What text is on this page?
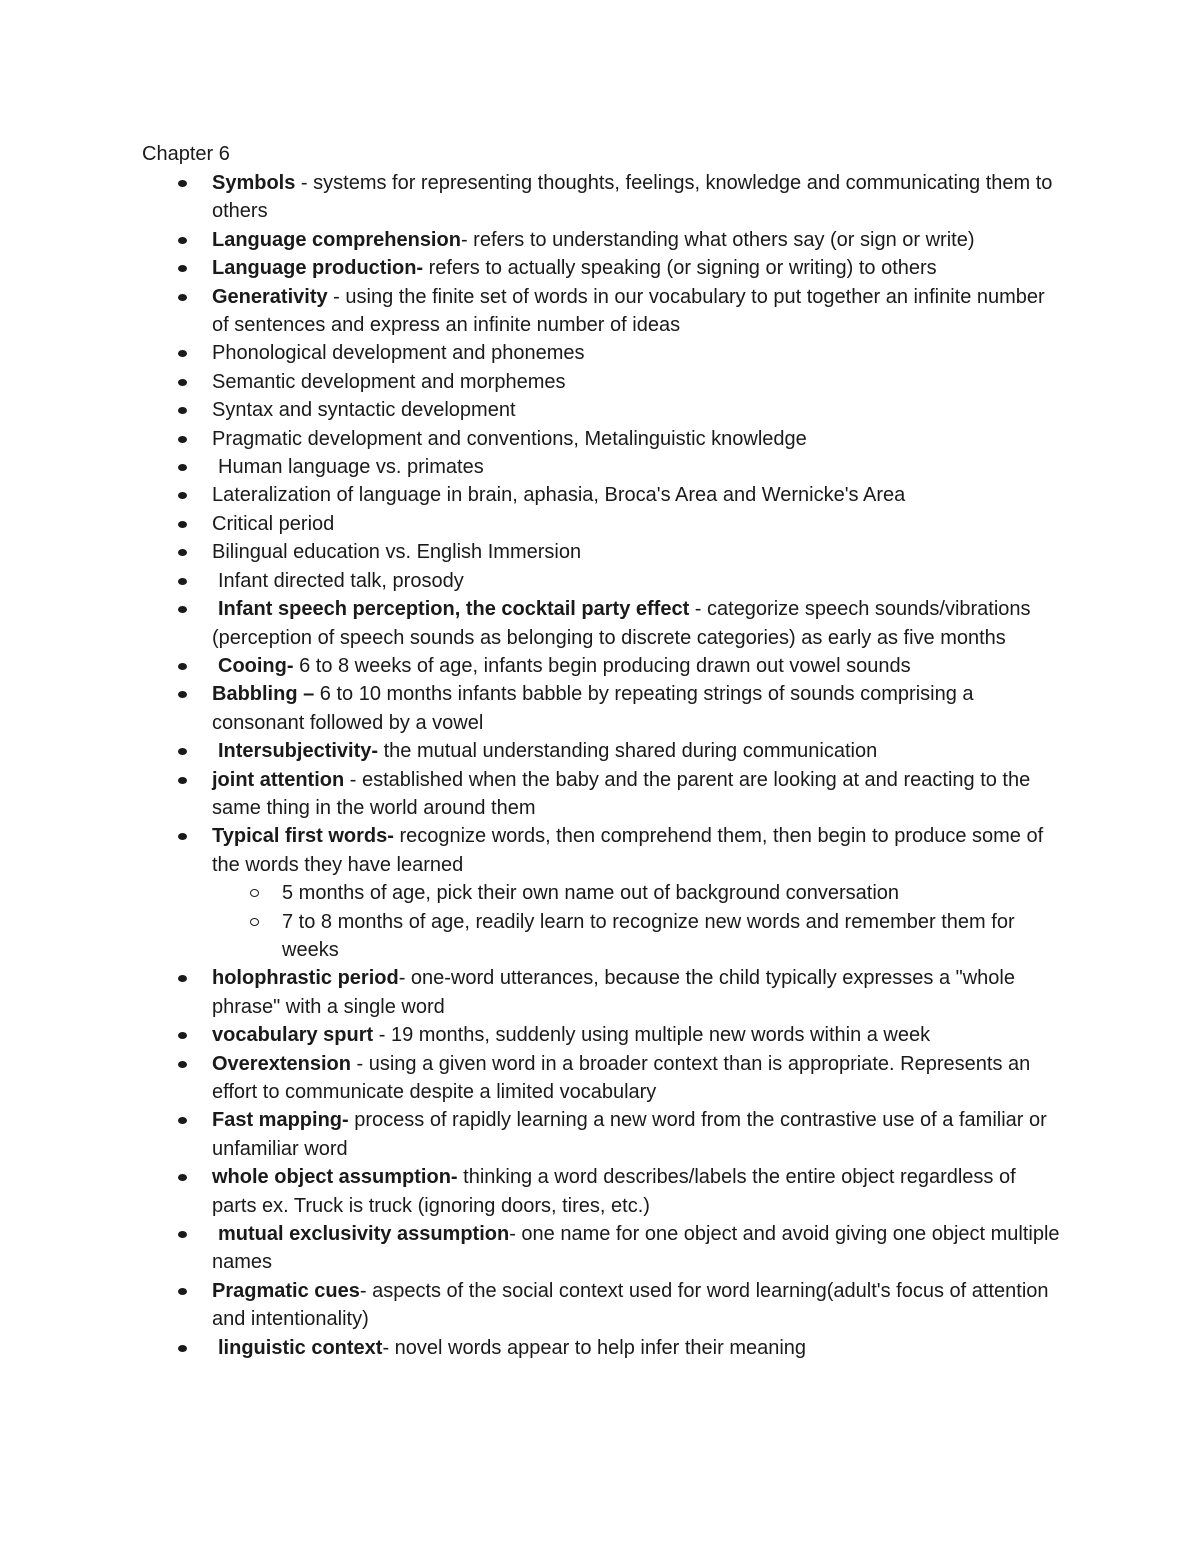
Chapter 6
Symbols - systems for representing thoughts, feelings, knowledge and communicating them to others
Language comprehension- refers to understanding what others say (or sign or write)
Language production- refers to actually speaking (or signing or writing) to others
Generativity - using the finite set of words in our vocabulary to put together an infinite number of sentences and express an infinite number of ideas
Phonological development and phonemes
Semantic development and morphemes
Syntax and syntactic development
Pragmatic development and conventions, Metalinguistic knowledge
Human language vs. primates
Lateralization of language in brain, aphasia, Broca's Area and Wernicke's Area
Critical period
Bilingual education vs. English Immersion
Infant directed talk, prosody
Infant speech perception, the cocktail party effect - categorize speech sounds/vibrations (perception of speech sounds as belonging to discrete categories) as early as five months
Cooing- 6 to 8 weeks of age, infants begin producing drawn out vowel sounds
Babbling – 6 to 10 months infants babble by repeating strings of sounds comprising a consonant followed by a vowel
Intersubjectivity- the mutual understanding shared during communication
joint attention - established when the baby and the parent are looking at and reacting to the same thing in the world around them
Typical first words- recognize words, then comprehend them, then begin to produce some of the words they have learned
5 months of age, pick their own name out of background conversation
7 to 8 months of age, readily learn to recognize new words and remember them for weeks
holophrastic period- one-word utterances, because the child typically expresses a "whole phrase" with a single word
vocabulary spurt - 19 months, suddenly using multiple new words within a week
Overextension - using a given word in a broader context than is appropriate. Represents an effort to communicate despite a limited vocabulary
Fast mapping- process of rapidly learning a new word from the contrastive use of a familiar or unfamiliar word
whole object assumption- thinking a word describes/labels the entire object regardless of parts ex. Truck is truck (ignoring doors, tires, etc.)
mutual exclusivity assumption- one name for one object and avoid giving one object multiple names
Pragmatic cues- aspects of the social context used for word learning(adult's focus of attention and intentionality)
linguistic context- novel words appear to help infer their meaning
